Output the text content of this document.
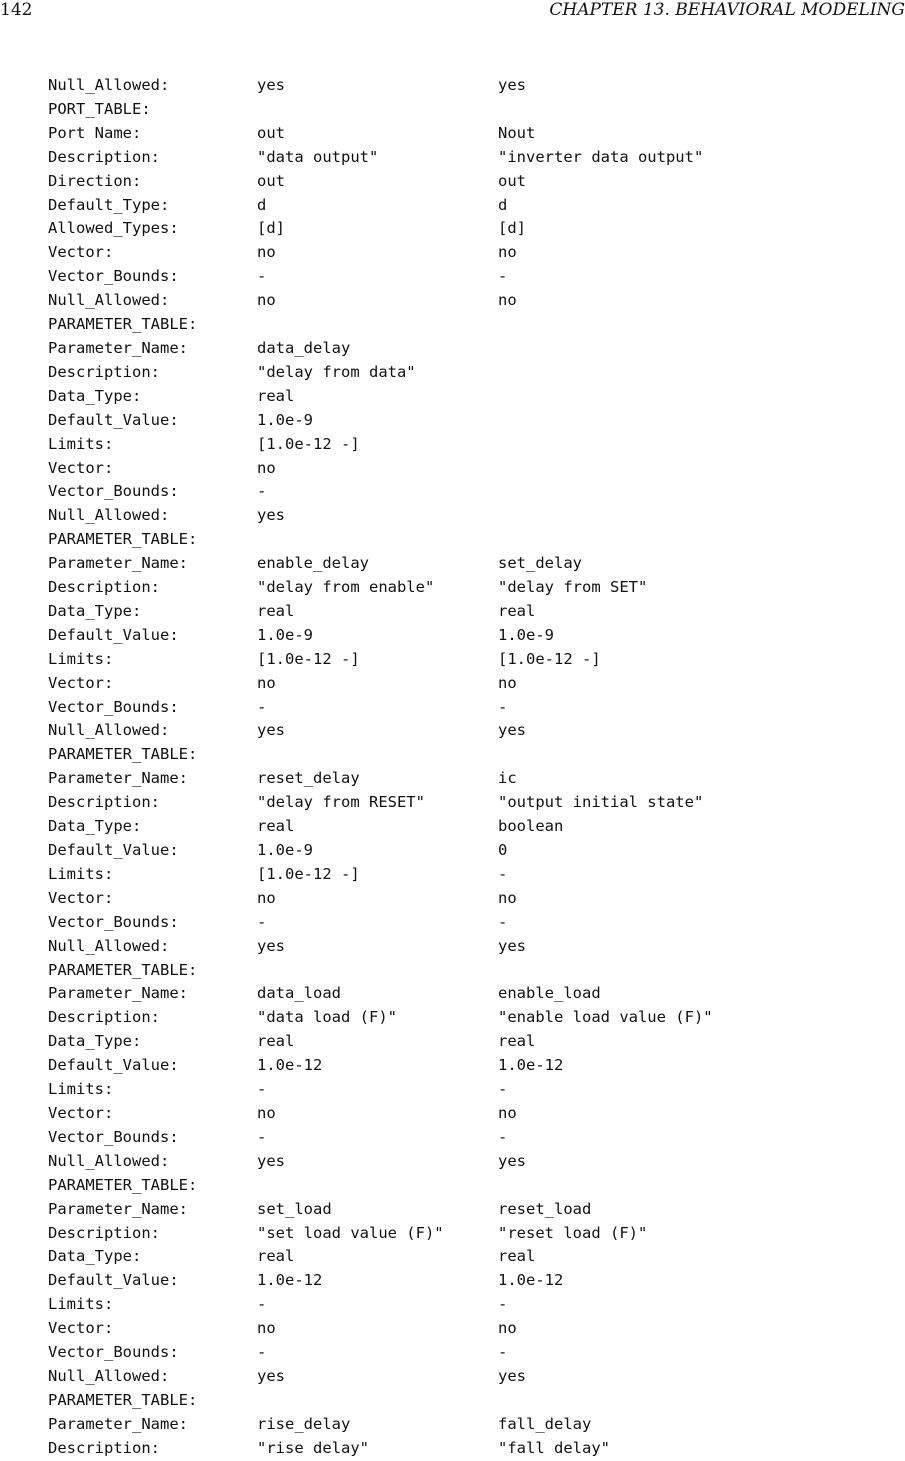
142	CHAPTER 13. BEHAVIORAL MODELING
Null_Allowed:	yes	yes
PORT_TABLE:
Port Name:	out	Nout
Description:	"data output"	"inverter data output"
Direction:	out	out
Default_Type:	d	d
Allowed_Types:	[d]	[d]
Vector:	no	no
Vector_Bounds:	-	-
Null_Allowed:	no	no
PARAMETER_TABLE:
Parameter_Name:	data_delay
Description:	"delay from data"
Data_Type:	real
Default_Value:	1.0e-9
Limits:	[1.0e-12 -]
Vector:	no
Vector_Bounds:	-
Null_Allowed:	yes
PARAMETER_TABLE:
Parameter_Name:	enable_delay	set_delay
Description:	"delay from enable"	"delay from SET"
Data_Type:	real	real
Default_Value:	1.0e-9	1.0e-9
Limits:	[1.0e-12 -]	[1.0e-12 -]
Vector:	no	no
Vector_Bounds:	-	-
Null_Allowed:	yes	yes
PARAMETER_TABLE:
Parameter_Name:	reset_delay	ic
Description:	"delay from RESET"	"output initial state"
Data_Type:	real	boolean
Default_Value:	1.0e-9	0
Limits:	[1.0e-12 -]	-
Vector:	no	no
Vector_Bounds:	-	-
Null_Allowed:	yes	yes
PARAMETER_TABLE:
Parameter_Name:	data_load	enable_load
Description:	"data load (F)"	"enable load value (F)"
Data_Type:	real	real
Default_Value:	1.0e-12	1.0e-12
Limits:	-	-
Vector:	no	no
Vector_Bounds:	-	-
Null_Allowed:	yes	yes
PARAMETER_TABLE:
Parameter_Name:	set_load	reset_load
Description:	"set load value (F)"	"reset load (F)"
Data_Type:	real	real
Default_Value:	1.0e-12	1.0e-12
Limits:	-	-
Vector:	no	no
Vector_Bounds:	-	-
Null_Allowed:	yes	yes
PARAMETER_TABLE:
Parameter_Name:	rise_delay	fall_delay
Description:	"rise delay"	"fall delay"
